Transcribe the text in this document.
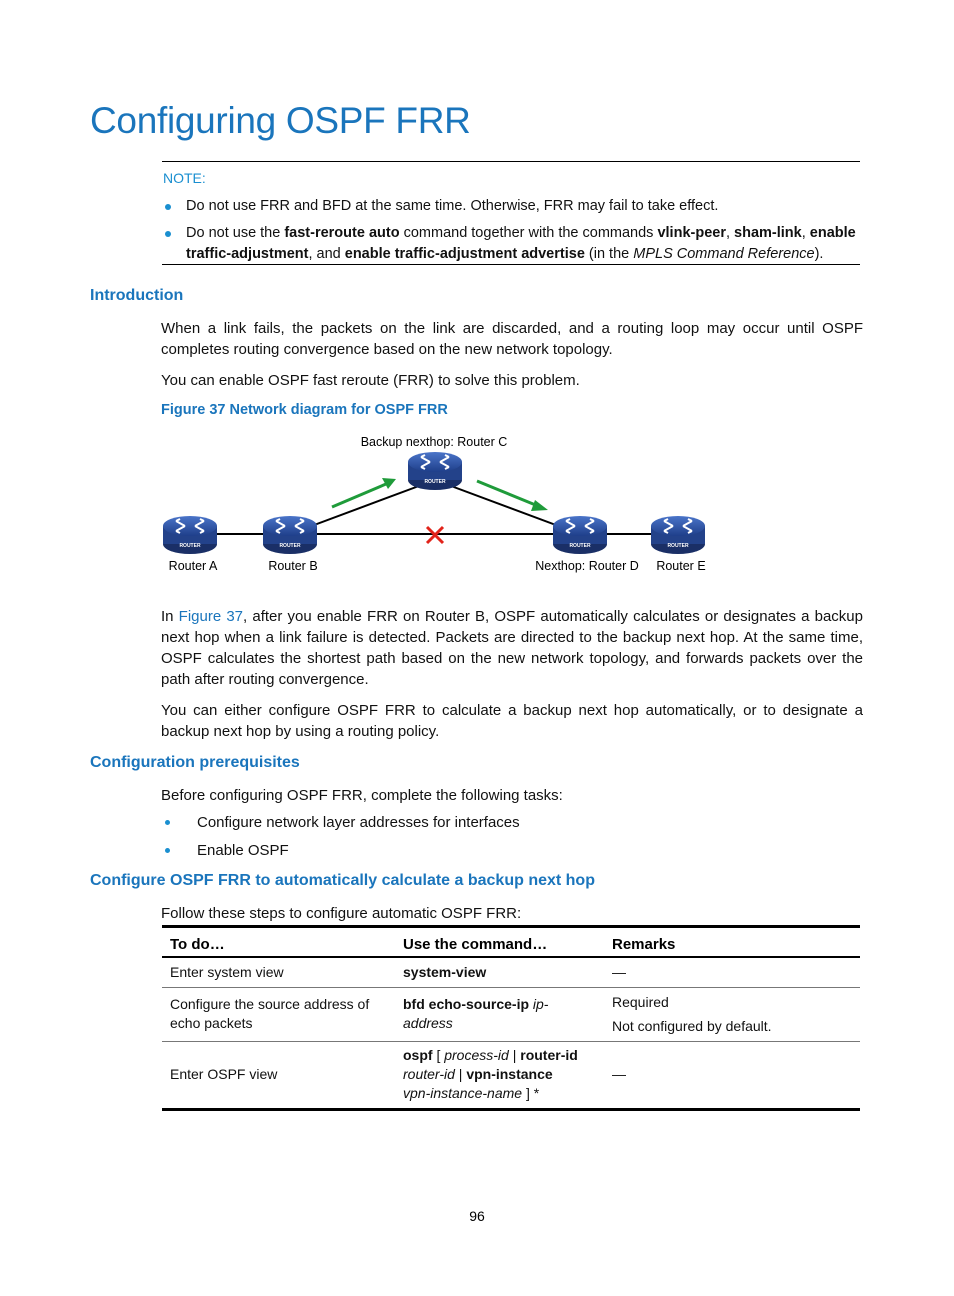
Configuring OSPF FRR
NOTE:
Do not use FRR and BFD at the same time. Otherwise, FRR may fail to take effect.
Do not use the fast-reroute auto command together with the commands vlink-peer, sham-link, enable traffic-adjustment, and enable traffic-adjustment advertise (in the MPLS Command Reference).
Introduction
When a link fails, the packets on the link are discarded, and a routing loop may occur until OSPF completes routing convergence based on the new network topology.
You can enable OSPF fast reroute (FRR) to solve this problem.
Figure 37 Network diagram for OSPF FRR
ROUTER	ROUTER
ROUTER
ROUTER	ROUTER
Backup nexthop: Router C
Router A	Router B	Nexthop: Router D Router E
In Figure 37, after you enable FRR on Router B, OSPF automatically calculates or designates a backup next hop when a link failure is detected. Packets are directed to the backup next hop. At the same time, OSPF calculates the shortest path based on the new network topology, and forwards packets over the path after routing convergence.
You can either configure OSPF FRR to calculate a backup next hop automatically, or to designate a backup next hop by using a routing policy.
Configuration prerequisites
Before configuring OSPF FRR, complete the following tasks:
Configure network layer addresses for interfaces
Enable OSPF
Configure OSPF FRR to automatically calculate a backup next hop
Follow these steps to configure automatic OSPF FRR:
To do…	Use the command…	Remarks
Enter system view	system-view	—
Configure the source address of echo packets	bfd echo-source-ip ip-address	Required
Not configured by default.

Enter OSPF view	ospf [ process-id | router-id
router-id | vpn-instance
vpn-instance-name ] *	—
96
